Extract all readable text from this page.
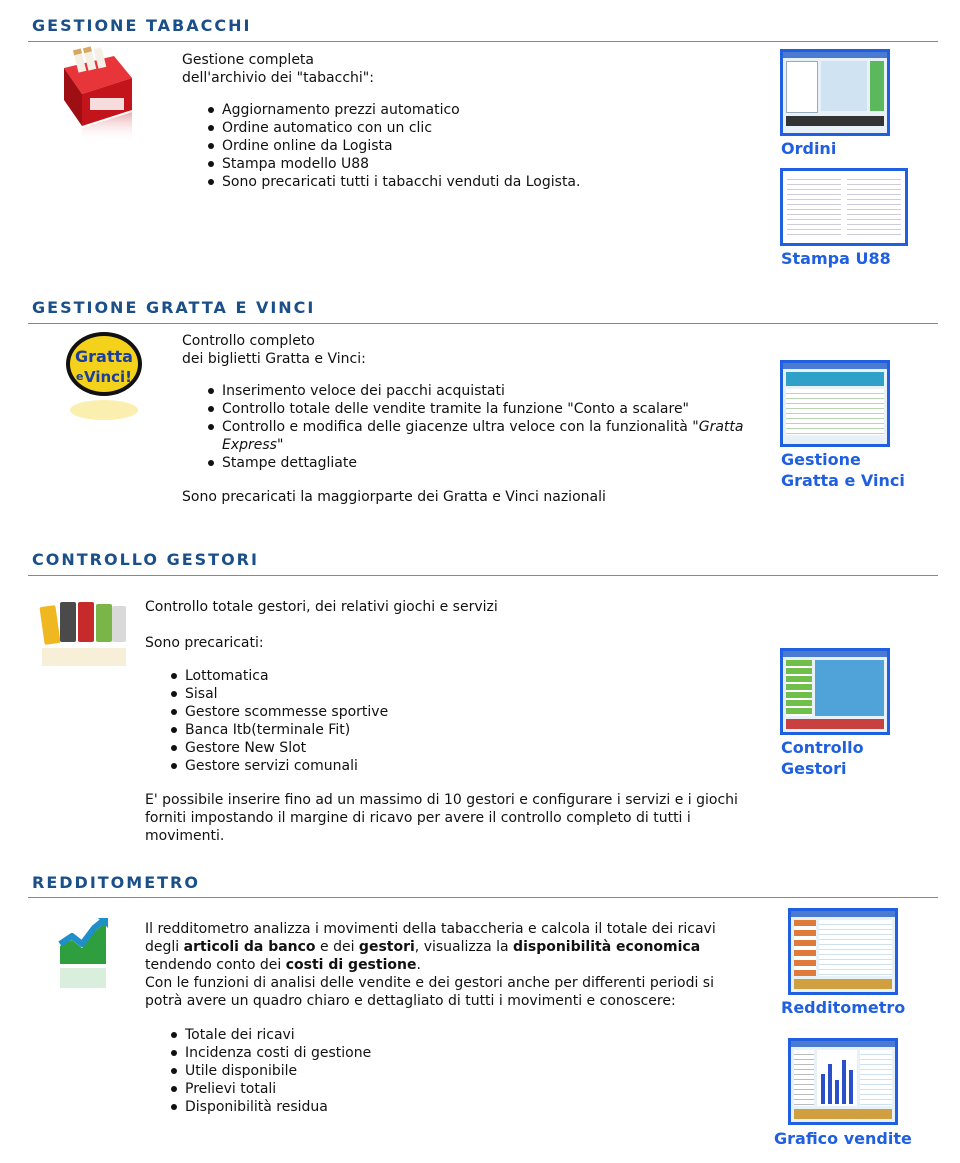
GESTIONE TABACCHI
Gestione completa
dell'archivio dei "tabacchi":
Aggiornamento prezzi automatico
Ordine automatico con un clic
Ordine online da Logista
Stampa modello U88
Sono precaricati tutti i tabacchi venduti da Logista.
Ordini
Stampa U88
GESTIONE GRATTA E VINCI
Gratta
e Vinci!
Controllo completo
dei biglietti Gratta e Vinci:
Inserimento veloce dei pacchi acquistati
Controllo totale delle vendite tramite la funzione "Conto a scalare"
Controllo e modifica delle giacenze ultra veloce con la funzionalità "Gratta Express"
Stampe dettagliate
Sono precaricati la maggiorparte dei Gratta e Vinci nazionali
Gestione
Gratta e Vinci
CONTROLLO GESTORI
Controllo totale gestori, dei relativi giochi e servizi
Sono precaricati:
Lottomatica
Sisal
Gestore scommesse sportive
Banca Itb(terminale Fit)
Gestore New Slot
Gestore servizi comunali
E' possibile inserire fino ad un massimo di 10 gestori e configurare i servizi e i giochi
forniti impostando il margine di ricavo per avere il controllo completo di tutti i
movimenti.
Controllo
Gestori
REDDITOMETRO
Il redditometro analizza i movimenti della tabaccheria e calcola il totale dei ricavi
degli articoli da banco e dei gestori, visualizza la disponibilità economica
tendendo conto dei costi di gestione.
Con le funzioni di analisi delle vendite e dei gestori anche per differenti periodi si
potrà avere un quadro chiaro e dettagliato di tutti i movimenti e conoscere:
Totale dei ricavi
Incidenza costi di gestione
Utile disponibile
Prelievi totali
Disponibilità residua
Redditometro
Grafico vendite
